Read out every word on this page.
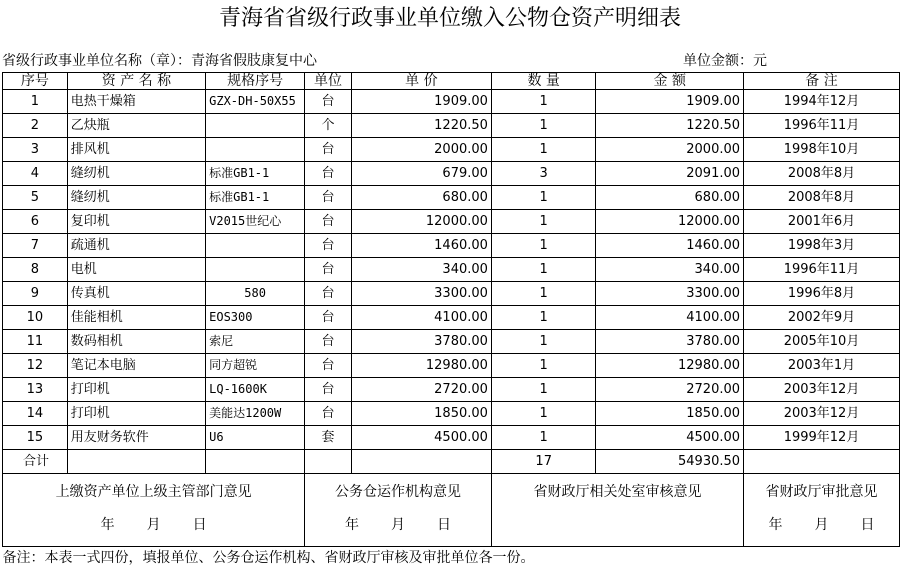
青海省省级行政事业单位缴入公物仓资产明细表
省级行政事业单位名称（章）：青海省假肢康复中心	单位金额：元
序号	资 产 名 称	规格序号	单位	单 价	数 量	金 额	备 注
1	电热干燥箱	GZX-DH-50X55	台	1909.00	1	1909.00	1994年12月
2	乙炔瓶		个	1220.50	1	1220.50	1996年11月
3	排风机		台	2000.00	1	2000.00	1998年10月
4	缝纫机	标准GB1-1	台	679.00	3	2091.00	2008年8月
5	缝纫机	标准GB1-1	台	680.00	1	680.00	2008年8月
6	复印机	V2015世纪心	台	12000.00	1	12000.00	2001年6月
7	疏通机		台	1460.00	1	1460.00	1998年3月
8	电机		台	340.00	1	340.00	1996年11月
9	传真机	580	台	3300.00	1	3300.00	1996年8月
10	佳能相机	EOS300	台	4100.00	1	4100.00	2002年9月
11	数码相机	索尼	台	3780.00	1	3780.00	2005年10月
12	笔记本电脑	同方超锐	台	12980.00	1	12980.00	2003年1月
13	打印机	LQ-1600K	台	2720.00	1	2720.00	2003年12月
14	打印机	美能达1200W	台	1850.00	1	1850.00	2003年12月
15	用友财务软件	U6	套	4500.00	1	4500.00	1999年12月
合计					17	54930.50	
上缴资产单位上级主管部门意见			公务仓运作机构意见		省财政厅相关处室审核意见		省财政厅审批意见
年 月 日			年 月 日				年 月 日
备注：本表一式四份，填报单位、公务仓运作机构、省财政厅审核及审批单位各一份。							
